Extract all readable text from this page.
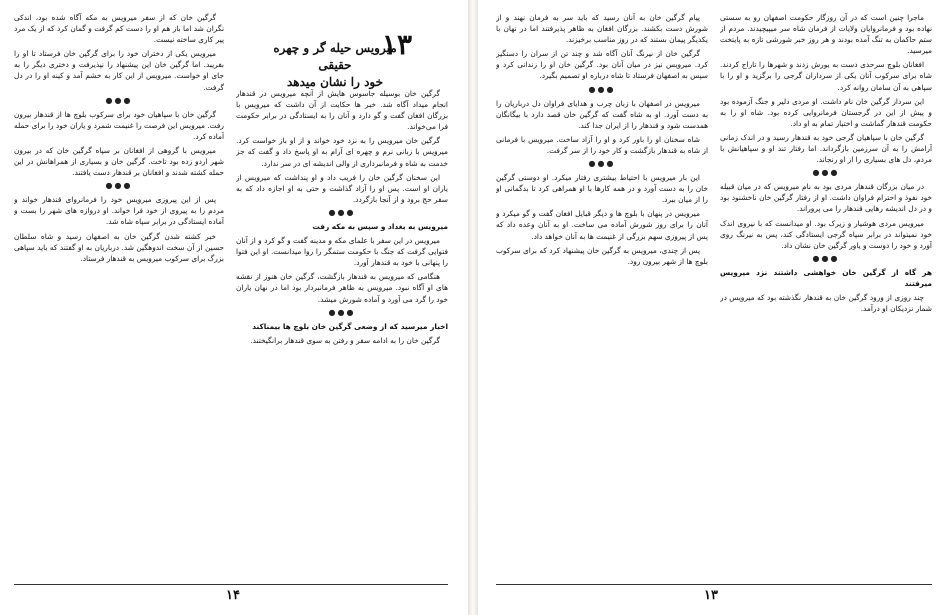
۱۳
میرویس حیله گر و چهره حقیقی
خود را نشان میدهد

گرگین خان بوسیله جاسوس هایش از آنچه میرویس در قندهار انجام میداد آگاه شد. خبر ها حکایت از آن داشت که میرویس با بزرگان افغان گفت و گو دارد و آنان را به ایستادگی در برابر حکومت فرا می‌خواند.

گرگین خان میرویس را به نزد خود خواند و از او باز خواست کرد. میرویس با زبانی نرم و چهره ای آرام به او پاسخ داد و گفت که جز خدمت به شاه و فرمانبرداری از والی اندیشه ای در سر ندارد.

این سخنان گرگین خان را فریب داد و او پنداشت که میرویس از یاران او است. پس او را آزاد گذاشت و حتی به او اجازه داد که به سفر حج برود و از آنجا بازگردد.

●●●

میرویس به بغداد و سپس به مکه رفت

میرویس در این سفر با علمای مکه و مدینه گفت و گو کرد و از آنان فتوایی گرفت که جنگ با حکومت ستمگر را روا میدانست. او این فتوا را پنهانی با خود به قندهار آورد.

هنگامی که میرویس به قندهار بازگشت، گرگین خان هنوز از نقشه های او آگاه نبود. میرویس به ظاهر فرمانبردار بود اما در نهان یاران خود را گرد می آورد و آماده شورش میشد.

●●●

اخبار میرسید که از وضعی گرگین خان بلوچ ها بیمناکند

گرگین خان را به ادامه سفر و رفتن به سوی قندهار برانگیختند.

گرگین خان که از سفر میرویس به مکه آگاه شده بود، اندکی نگران شد اما باز هم او را دست کم گرفت و گمان کرد که از یک مرد پیر کاری ساخته نیست.

میرویس یکی از دختران خود را برای گرگین خان فرستاد تا او را بفریبد. اما گرگین خان این پیشنهاد را نپذیرفت و دختری دیگر را به جای او خواست. میرویس از این کار به خشم آمد و کینه او را در دل گرفت.

●●●

گرگین خان با سپاهیان خود برای سرکوب بلوچ ها از قندهار بیرون رفت. میرویس این فرصت را غنیمت شمرد و یاران خود را برای حمله آماده کرد.

میرویس با گروهی از افغانان بر سپاه گرگین خان که در بیرون شهر اردو زده بود تاخت. گرگین خان و بسیاری از همراهانش در این حمله کشته شدند و افغانان بر قندهار دست یافتند.

●●●

پس از این پیروزی میرویس خود را فرمانروای قندهار خواند و مردم را به پیروی از خود فرا خواند. او دروازه های شهر را بست و آماده ایستادگی در برابر سپاه شاه شد.

خبر کشته شدن گرگین خان به اصفهان رسید و شاه سلطان حسین از آن سخت اندوهگین شد. درباریان به او گفتند که باید سپاهی بزرگ برای سرکوب میرویس به قندهار فرستاد.

۱۴

ماجرا چنین است که در آن روزگار حکومت اصفهان رو به سستی نهاده بود و فرمانروایان ولایات از فرمان شاه سر میپیچیدند. مردم از ستم حاکمان به تنگ آمده بودند و هر روز خبر شورشی تازه به پایتخت میرسید.

افغانان بلوچ سرحدی دست به یورش زدند و شهرها را تاراج کردند. شاه برای سرکوب آنان یکی از سرداران گرجی را برگزید و او را با سپاهی به آن سامان روانه کرد.

این سردار گرگین خان نام داشت. او مردی دلیر و جنگ آزموده بود و پیش از این در گرجستان فرمانروایی کرده بود. شاه او را به حکومت قندهار گماشت و اختیار تمام به او داد.

گرگین خان با سپاهیان گرجی خود به قندهار رسید و در اندک زمانی آرامش را به آن سرزمین بازگرداند. اما رفتار تند او و سپاهیانش با مردم، دل های بسیاری را از او رنجاند.

●●●

در میان بزرگان قندهار مردی بود به نام میرویس که در میان قبیله خود نفوذ و احترام فراوان داشت. او از رفتار گرگین خان ناخشنود بود و در دل اندیشه رهایی قندهار را می پروراند.

میرویس مردی هوشیار و زیرک بود. او میدانست که با نیروی اندک خود نمیتواند در برابر سپاه گرجی ایستادگی کند، پس به نیرنگ روی آورد و خود را دوست و یاور گرگین خان نشان داد.

●●●

هر گاه از گرگین خان خواهشی داشتند نزد میرویس میرفتند

چند روزی از ورود گرگین خان به قندهار نگذشته بود که میرویس در شمار نزدیکان او درآمد.

پیام گرگین خان به آنان رسید که باید سر به فرمان نهند و از شورش دست بکشند. بزرگان افغان به ظاهر پذیرفتند اما در نهان با یکدیگر پیمان بستند که در روز مناسب برخیزند.

گرگین خان از نیرنگ آنان آگاه شد و چند تن از سران را دستگیر کرد. میرویس نیز در میان آنان بود. گرگین خان او را زندانی کرد و سپس به اصفهان فرستاد تا شاه درباره او تصمیم بگیرد.

●●●

میرویس در اصفهان با زبان چرب و هدایای فراوان دل درباریان را به دست آورد. او به شاه گفت که گرگین خان قصد دارد با بیگانگان همدست شود و قندهار را از ایران جدا کند.

شاه سخنان او را باور کرد و او را آزاد ساخت. میرویس با فرمانی از شاه به قندهار بازگشت و کار خود را از سر گرفت.

●●●

این بار میرویس با احتیاط بیشتری رفتار میکرد. او دوستی گرگین خان را به دست آورد و در همه کارها با او همراهی کرد تا بدگمانی او را از میان ببرد.

میرویس در پنهان با بلوچ ها و دیگر قبایل افغان گفت و گو میکرد و آنان را برای روز شورش آماده می ساخت. او به آنان وعده داد که پس از پیروزی سهم بزرگی از غنیمت ها به آنان خواهد داد.

پس از چندی، میرویس به گرگین خان پیشنهاد کرد که برای سرکوب بلوچ ها از شهر بیرون رود.

۱۳
